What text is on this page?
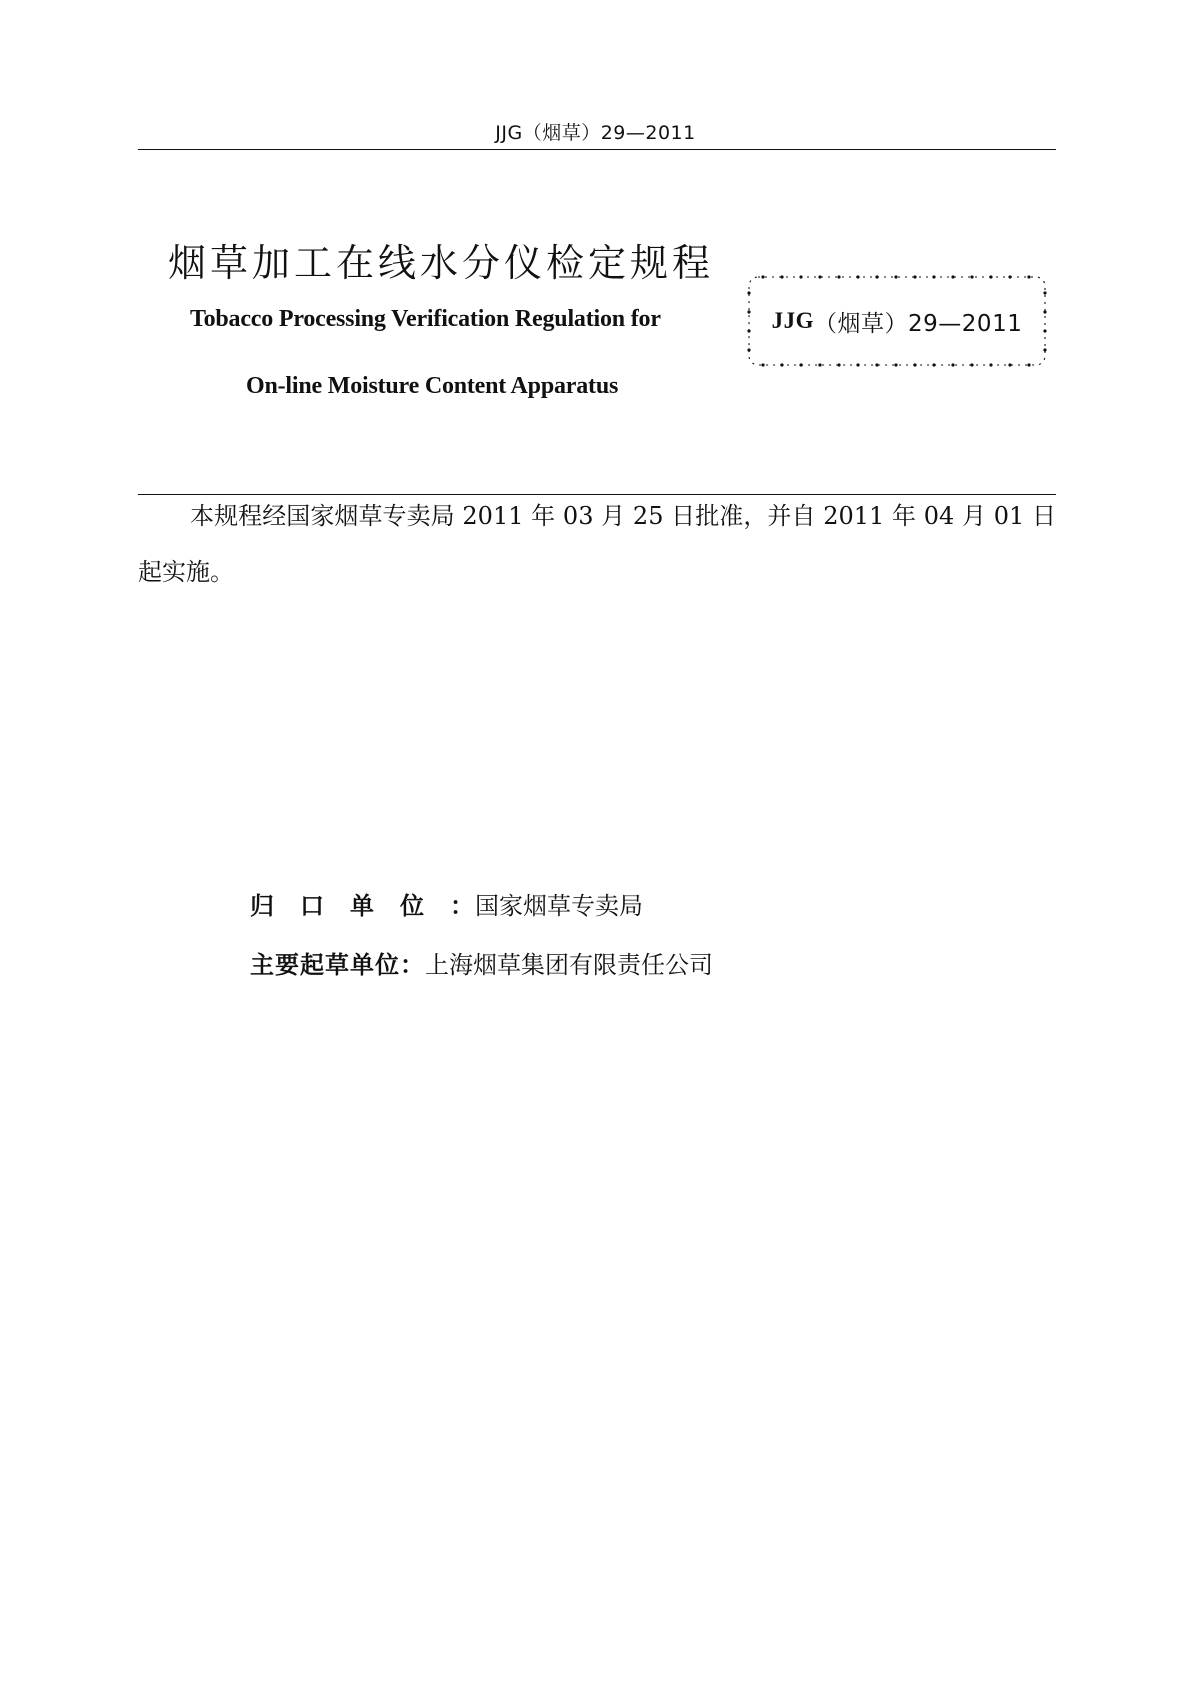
JJG（烟草）29—2011
烟草加工在线水分仪检定规程
Tobacco Processing Verification Regulation for
On-line Moisture Content Apparatus
JJG （烟草）29—2011
本规程经国家烟草专卖局 2011 年 03 月 25 日批准，并自 2011 年 04 月 01 日起实施。
归口单位：国家烟草专卖局
主要起草单位：上海烟草集团有限责任公司
